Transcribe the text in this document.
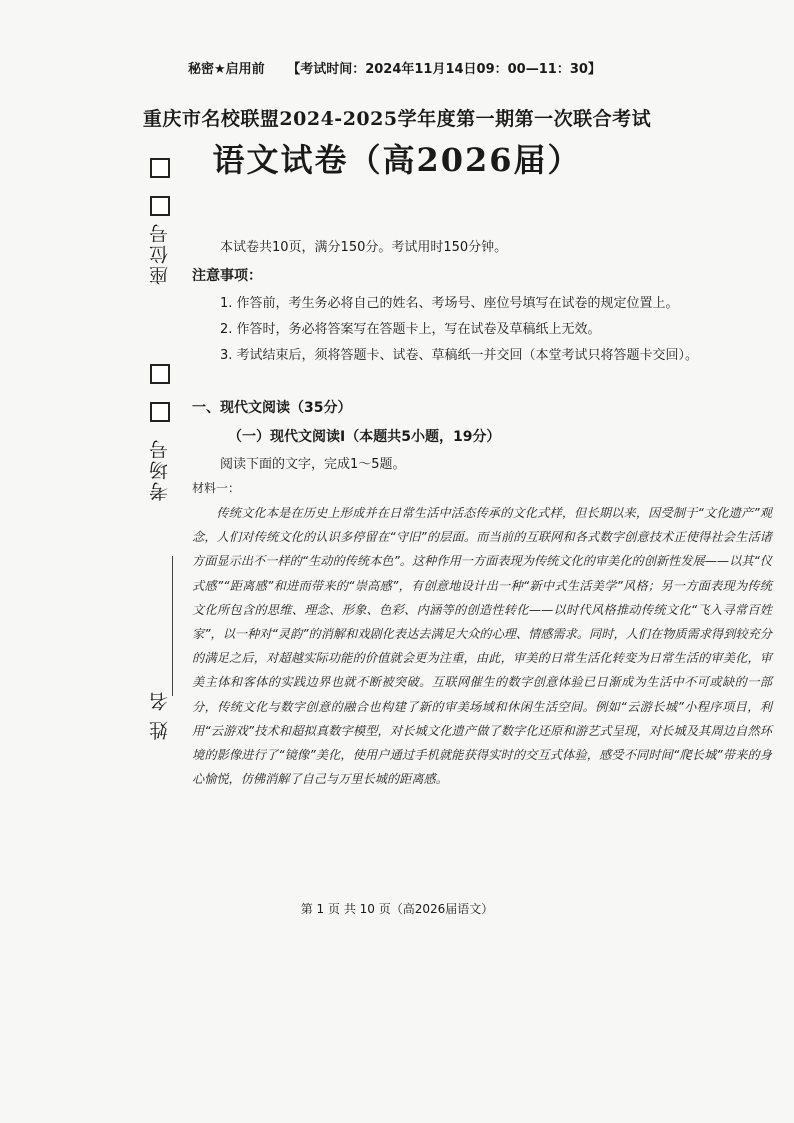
秘密★启用前 【考试时间：2024年11月14日09：00—11：30】
重庆市名校联盟2024-2025学年度第一期第一次联合考试
语文试卷（高2026届）
座位号
考场号
姓 名
本试卷共10页，满分150分。考试用时150分钟。
注意事项：
1. 作答前，考生务必将自己的姓名、考场号、座位号填写在试卷的规定位置上。
2. 作答时，务必将答案写在答题卡上，写在试卷及草稿纸上无效。
3. 考试结束后，须将答题卡、试卷、草稿纸一并交回（本堂考试只将答题卡交回）。
一、现代文阅读（35分）
（一）现代文阅读Ⅰ（本题共5小题，19分）
阅读下面的文字，完成1～5题。
材料一：
传统文化本是在历史上形成并在日常生活中活态传承的文化式样，但长期以来，因受制于“文化遗产”观念，人们对传统文化的认识多停留在“守旧”的层面。而当前的互联网和各式数字创意技术正使得社会生活诸方面显示出不一样的“生动的传统本色”。这种作用一方面表现为传统文化的审美化的创新性发展——以其“仪式感”“距离感”和进而带来的“崇高感”，有创意地设计出一种“新中式生活美学”风格；另一方面表现为传统文化所包含的思维、理念、形象、色彩、内涵等的创造性转化——以时代风格推动传统文化“飞入寻常百姓家”，以一种对“灵韵”的消解和戏剧化表达去满足大众的心理、情感需求。同时，人们在物质需求得到较充分的满足之后，对超越实际功能的价值就会更为注重，由此，审美的日常生活化转变为日常生活的审美化，审美主体和客体的实践边界也就不断被突破。互联网催生的数字创意体验已日渐成为生活中不可或缺的一部分，传统文化与数字创意的融合也构建了新的审美场域和休闲生活空间。例如“云游长城”小程序项目，利用“云游戏”技术和超拟真数字模型，对长城文化遗产做了数字化还原和游艺式呈现，对长城及其周边自然环境的影像进行了“镜像”美化，使用户通过手机就能获得实时的交互式体验，感受不同时间“爬长城”带来的身心愉悦，仿佛消解了自己与万里长城的距离感。
第 1 页 共 10 页（高2026届语文）
